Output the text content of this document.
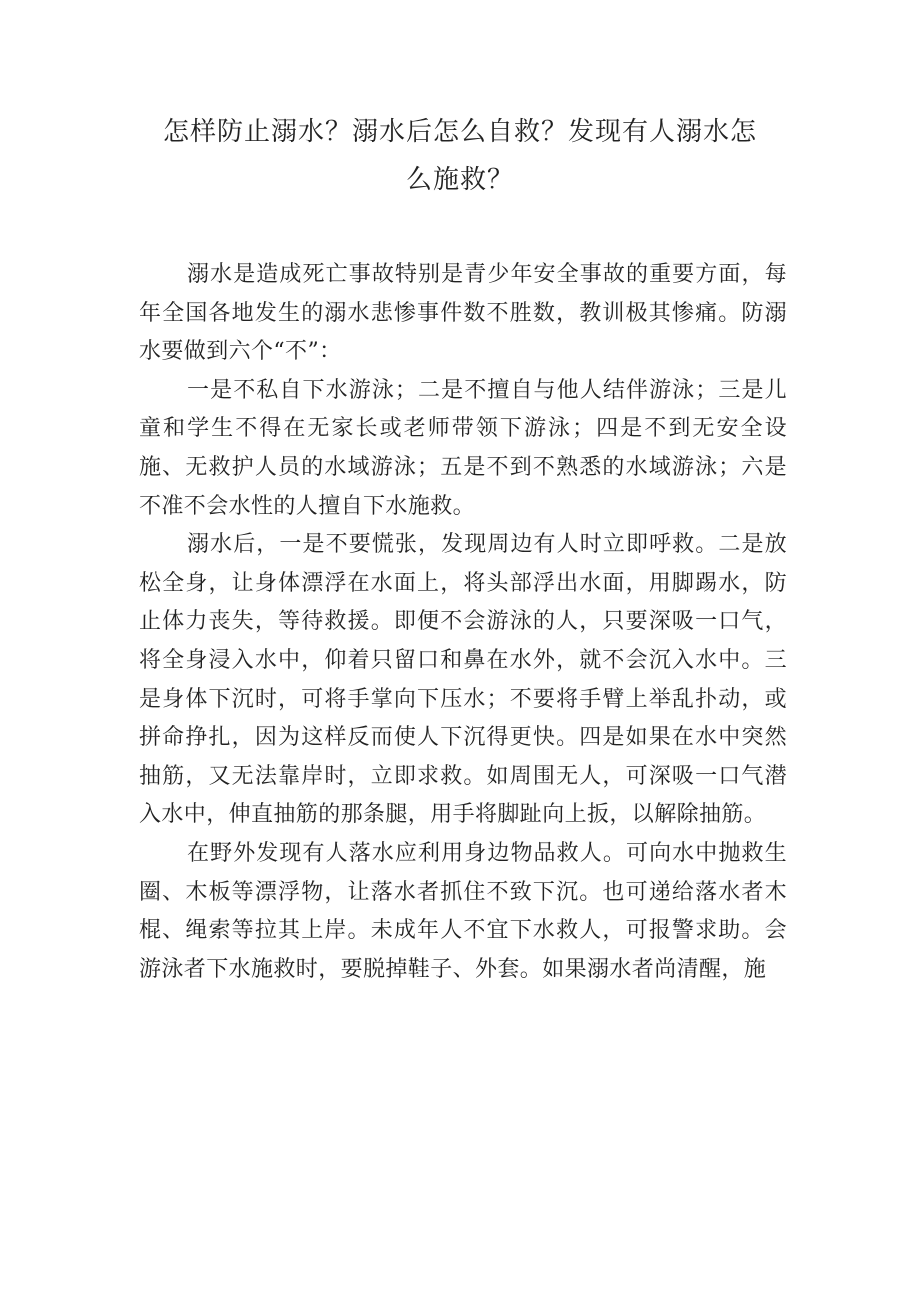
怎样防止溺水？溺水后怎么自救？发现有人溺水怎
么施救？

溺水是造成死亡事故特别是青少年安全事故的重要方面，每年全国各地发生的溺水悲惨事件数不胜数，教训极其惨痛。防溺水要做到六个“不”：

一是不私自下水游泳；二是不擅自与他人结伴游泳；三是儿童和学生不得在无家长或老师带领下游泳；四是不到无安全设施、无救护人员的水域游泳；五是不到不熟悉的水域游泳；六是不准不会水性的人擅自下水施救。

溺水后，一是不要慌张，发现周边有人时立即呼救。二是放松全身，让身体漂浮在水面上，将头部浮出水面，用脚踢水，防止体力丧失，等待救援。即便不会游泳的人，只要深吸一口气，将全身浸入水中，仰着只留口和鼻在水外，就不会沉入水中。三是身体下沉时，可将手掌向下压水；不要将手臂上举乱扑动，或拼命挣扎，因为这样反而使人下沉得更快。四是如果在水中突然抽筋，又无法靠岸时，立即求救。如周围无人，可深吸一口气潜入水中，伸直抽筋的那条腿，用手将脚趾向上扳，以解除抽筋。

在野外发现有人落水应利用身边物品救人。可向水中抛救生圈、木板等漂浮物，让落水者抓住不致下沉。也可递给落水者木棍、绳索等拉其上岸。未成年人不宜下水救人，可报警求助。会游泳者下水施救时，要脱掉鞋子、外套。如果溺水者尚清醒，施
